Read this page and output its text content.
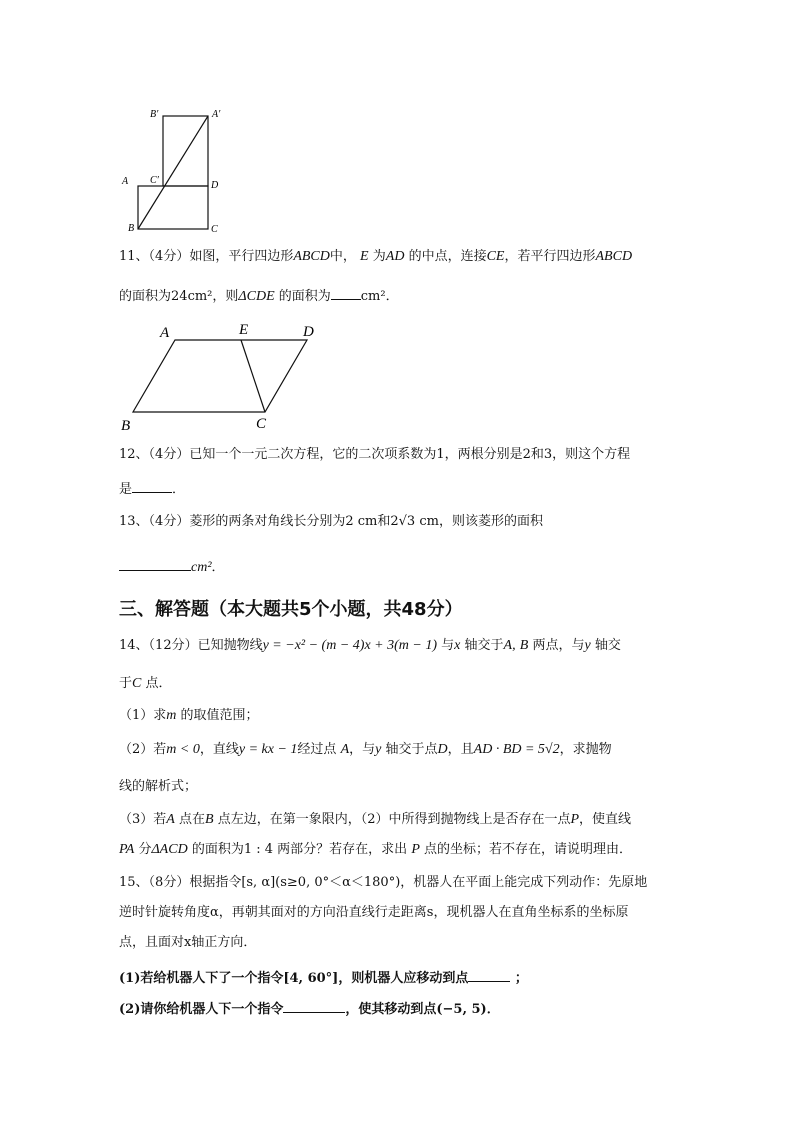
B′	A′
A C′	D
B	C
11、（4分）如图，平行四边形ABCD中， E 为AD 的中点，连接CE，若平行四边形ABCD
的面积为24cm²，则ΔCDE 的面积为 cm²．
A	E	D
B	C
12、（4分）已知一个一元二次方程，它的二次项系数为1，两根分别是2和3，则这个方程
是	．
13、（4分）菱形的两条对角线长分别为2 cm和2√3 cm，则该菱形的面积
cm²．
三、解答题（本大题共5个小题，共48分）
14、（12分）已知抛物线y = −x² − (m − 4)x + 3(m − 1) 与x 轴交于A, B 两点，与y 轴交
于C 点．
（1）求m 的取值范围；
（2）若m < 0，直线y = kx − 1经过点 A，与y 轴交于点D，且AD · BD = 5√2，求抛物
线的解析式；
（3）若A 点在B 点左边，在第一象限内，（2）中所得到抛物线上是否存在一点P，使直线
PA 分ΔACD 的面积为1 : 4 两部分？若存在，求出 P 点的坐标；若不存在，请说明理由．
15、（8分）根据指令[s, α](s≥0, 0°＜α＜180°)，机器人在平面上能完成下列动作：先原地
逆时针旋转角度α，再朝其面对的方向沿直线行走距离s，现机器人在直角坐标系的坐标原
点，且面对x轴正方向．
(1)若给机器人下了一个指令[4, 60°]，则机器人应移动到点	；
(2)请你给机器人下一个指令	，使其移动到点(−5, 5)．
